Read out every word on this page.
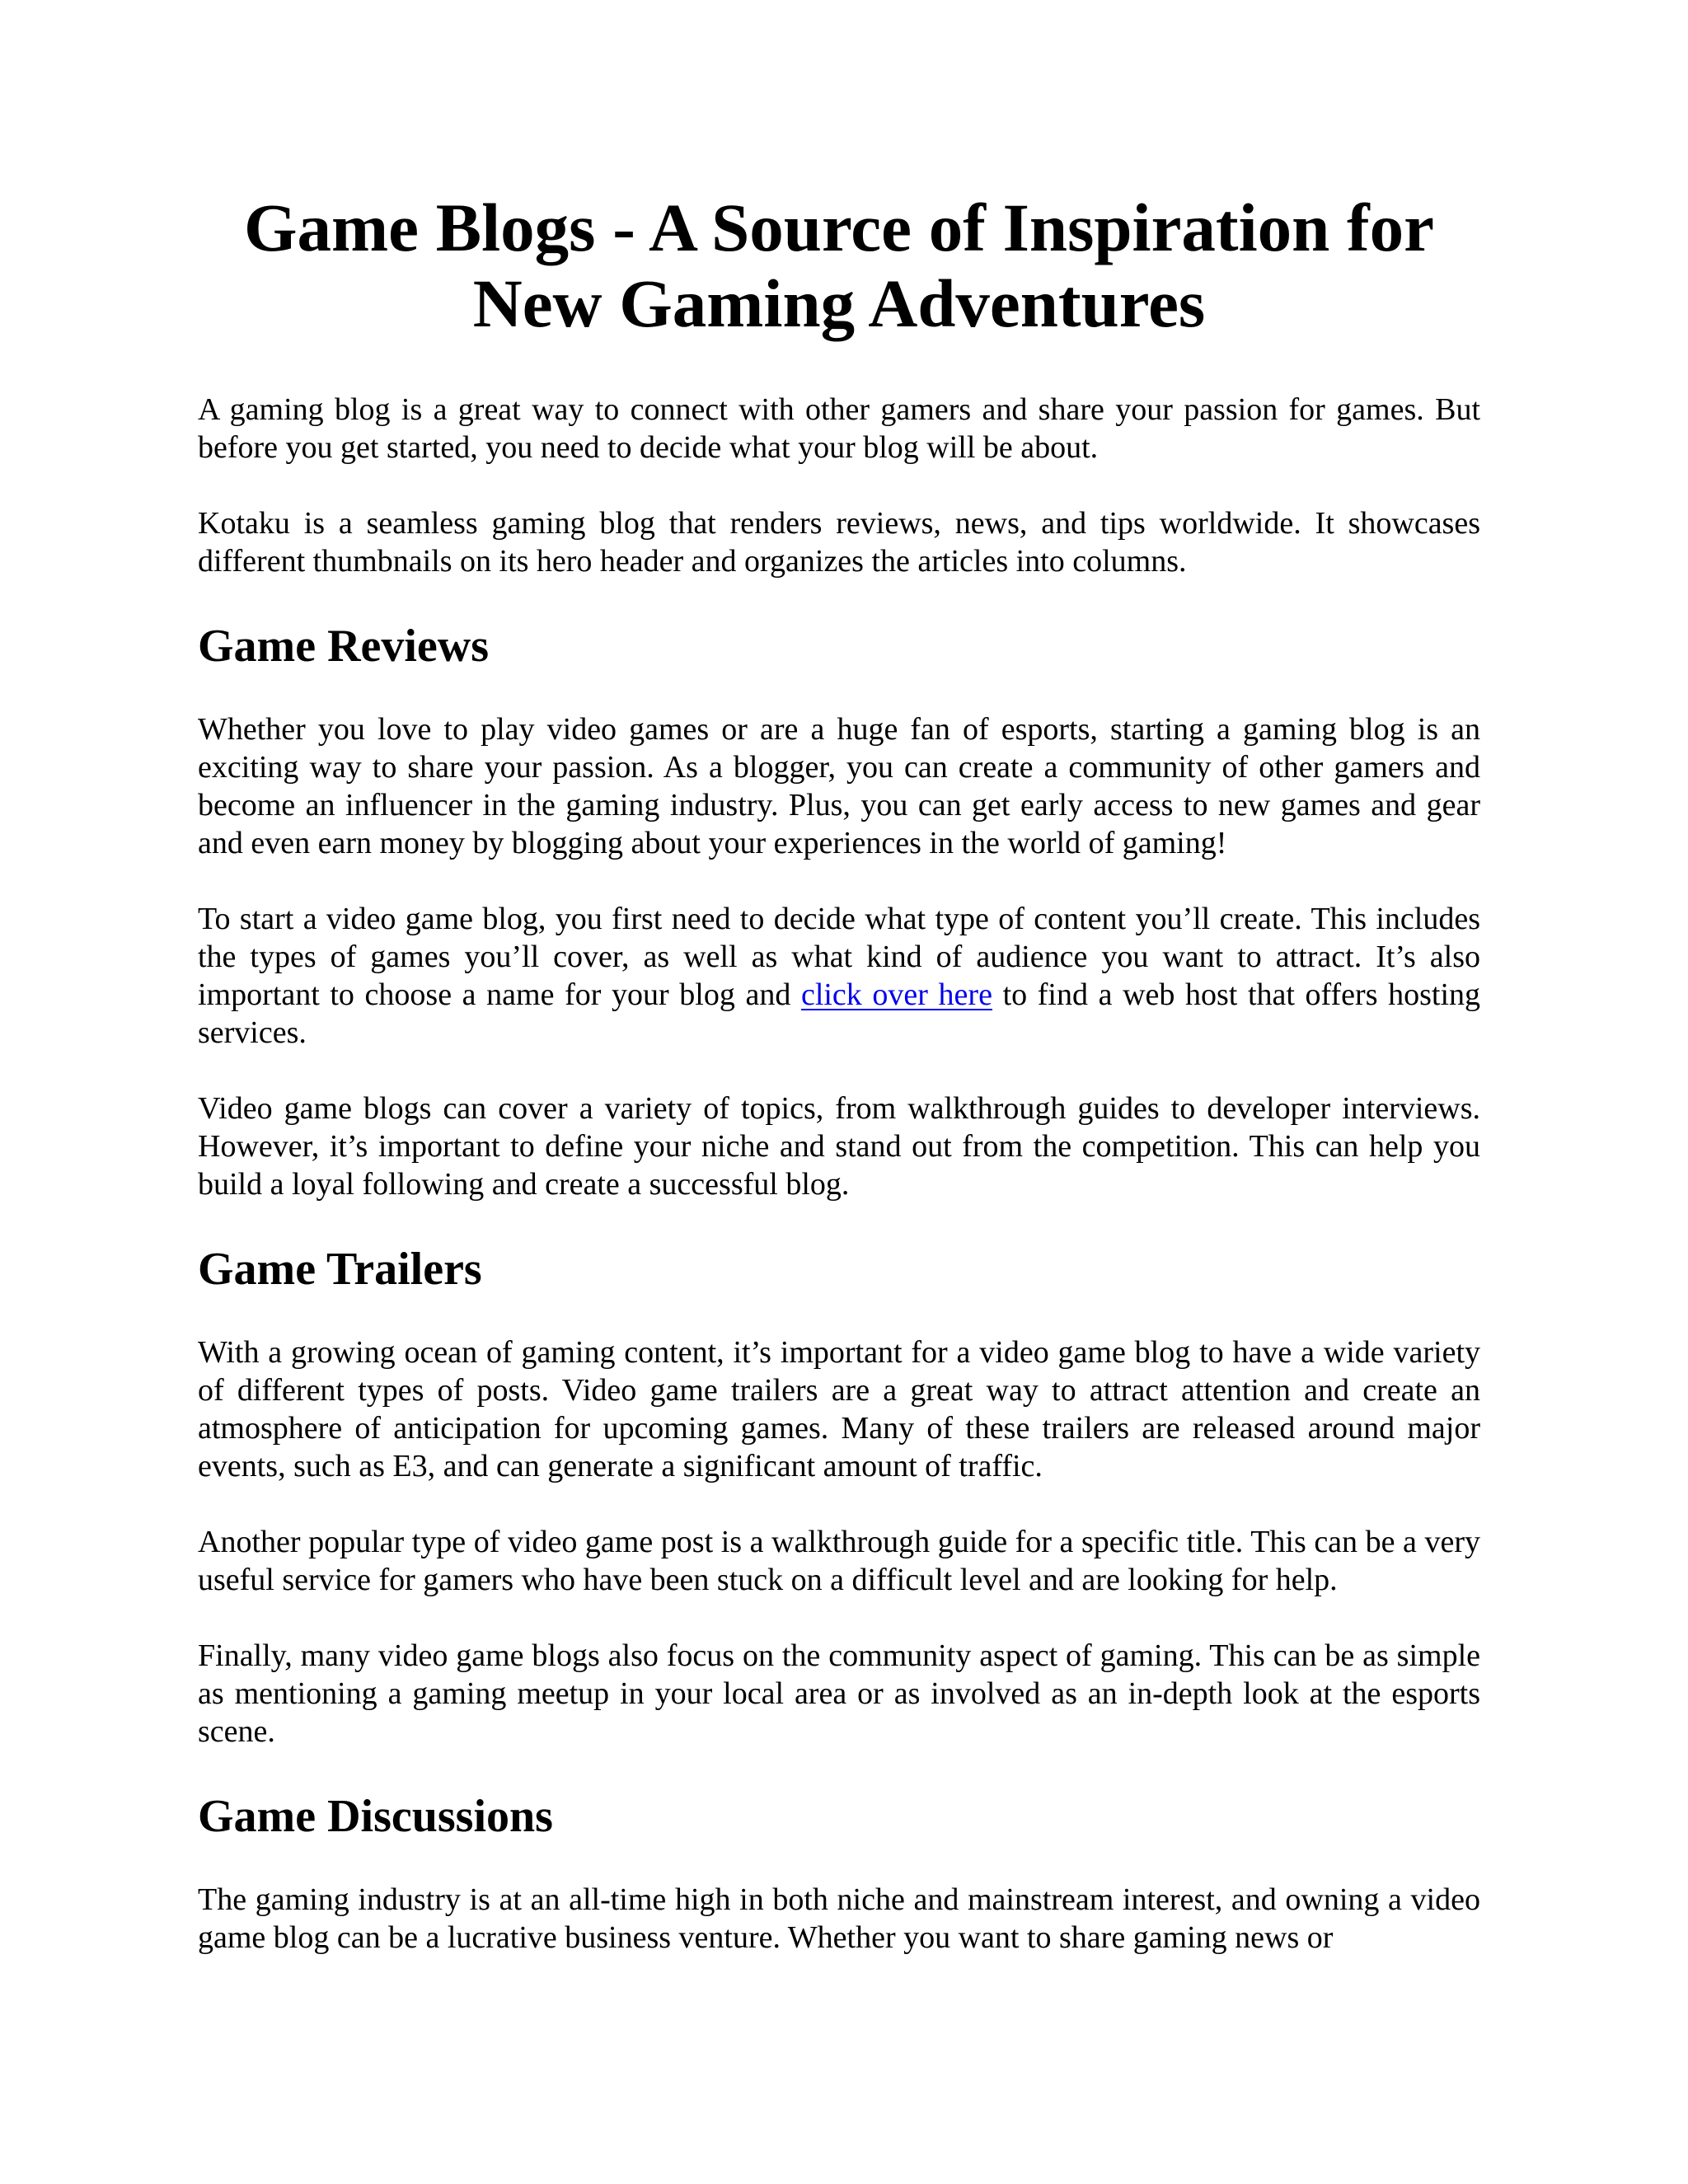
Game Blogs - A Source of Inspiration for
New Gaming Adventures

A gaming blog is a great way to connect with other gamers and share your passion for games. But before you get started, you need to decide what your blog will be about.

Kotaku is a seamless gaming blog that renders reviews, news, and tips worldwide. It showcases different thumbnails on its hero header and organizes the articles into columns.

Game Reviews

Whether you love to play video games or are a huge fan of esports, starting a gaming blog is an exciting way to share your passion. As a blogger, you can create a community of other gamers and become an influencer in the gaming industry. Plus, you can get early access to new games and gear and even earn money by blogging about your experiences in the world of gaming!

To start a video game blog, you first need to decide what type of content you’ll create. This includes the types of games you’ll cover, as well as what kind of audience you want to attract. It’s also important to choose a name for your blog and click over here to find a web host that offers hosting services.

Video game blogs can cover a variety of topics, from walkthrough guides to developer interviews. However, it’s important to define your niche and stand out from the competition. This can help you build a loyal following and create a successful blog.

Game Trailers

With a growing ocean of gaming content, it’s important for a video game blog to have a wide variety of different types of posts. Video game trailers are a great way to attract attention and create an atmosphere of anticipation for upcoming games. Many of these trailers are released around major events, such as E3, and can generate a significant amount of traffic.

Another popular type of video game post is a walkthrough guide for a specific title. This can be a very useful service for gamers who have been stuck on a difficult level and are looking for help.

Finally, many video game blogs also focus on the community aspect of gaming. This can be as simple as mentioning a gaming meetup in your local area or as involved as an in-depth look at the esports scene.

Game Discussions

The gaming industry is at an all-time high in both niche and mainstream interest, and owning a video game blog can be a lucrative business venture. Whether you want to share gaming news or
